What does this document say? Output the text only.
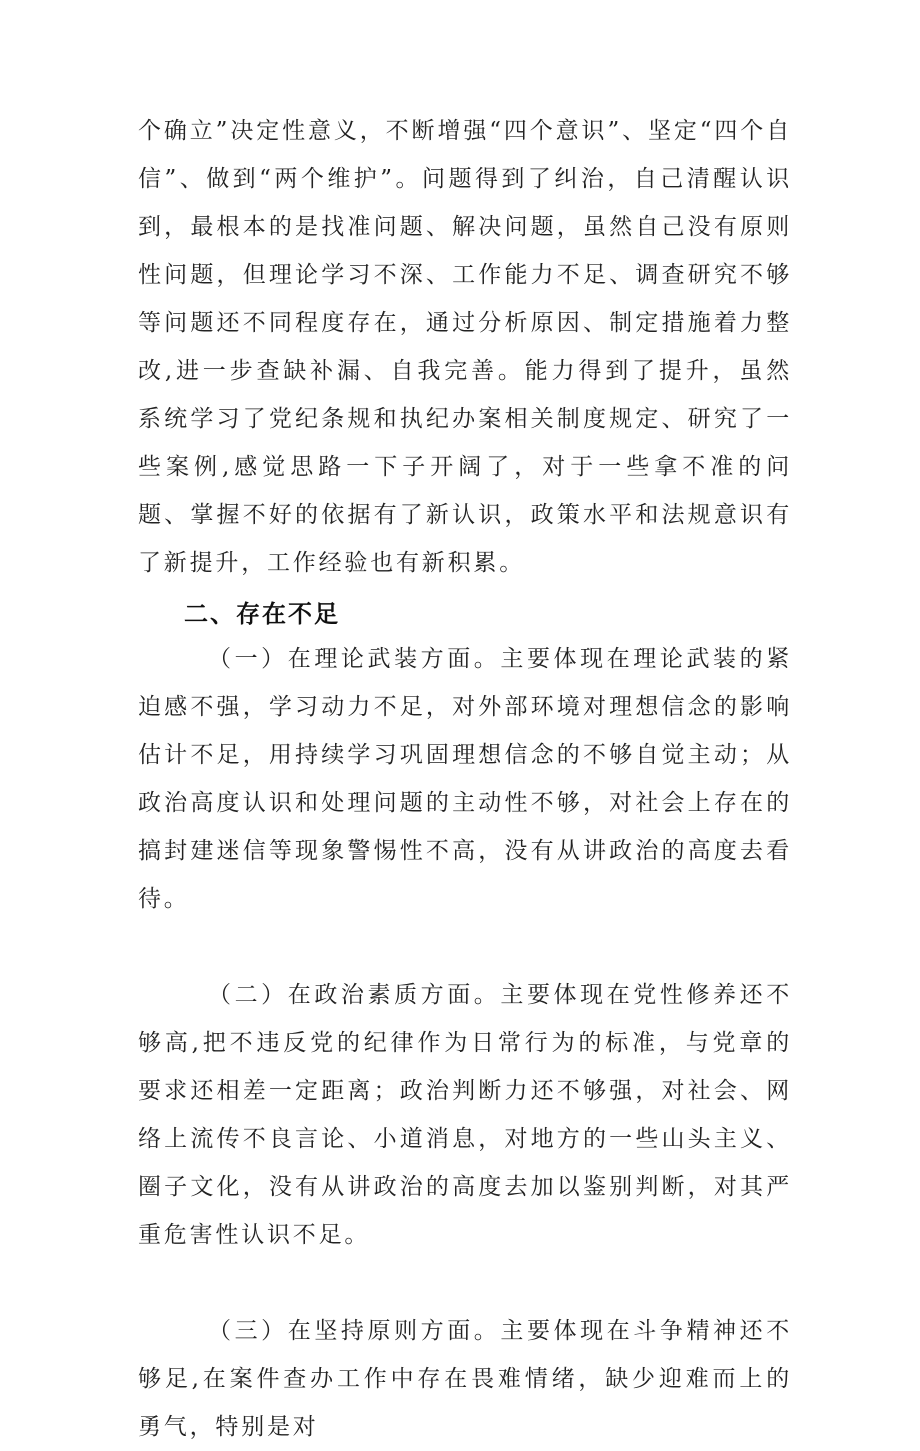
个确立”决定性意义，不断增强“四个意识”、坚定“四个自信”、做到“两个维护”。问题得到了纠治，自己清醒认识到，最根本的是找准问题、解决问题，虽然自己没有原则性问题，但理论学习不深、工作能力不足、调查研究不够等问题还不同程度存在，通过分析原因、制定措施着力整改,进一步查缺补漏、自我完善。能力得到了提升，虽然系统学习了党纪条规和执纪办案相关制度规定、研究了一些案例,感觉思路一下子开阔了，对于一些拿不准的问题、掌握不好的依据有了新认识，政策水平和法规意识有了新提升，工作经验也有新积累。

二、存在不足

（一）在理论武装方面。主要体现在理论武装的紧迫感不强，学习动力不足，对外部环境对理想信念的影响估计不足，用持续学习巩固理想信念的不够自觉主动；从政治高度认识和处理问题的主动性不够，对社会上存在的搞封建迷信等现象警惕性不高，没有从讲政治的高度去看待。

（二）在政治素质方面。主要体现在党性修养还不够高,把不违反党的纪律作为日常行为的标准，与党章的要求还相差一定距离；政治判断力还不够强，对社会、网络上流传不良言论、小道消息，对地方的一些山头主义、圈子文化，没有从讲政治的高度去加以鉴别判断，对其严重危害性认识不足。

（三）在坚持原则方面。主要体现在斗争精神还不够足,在案件查办工作中存在畏难情绪，缺少迎难而上的勇气，特别是对
